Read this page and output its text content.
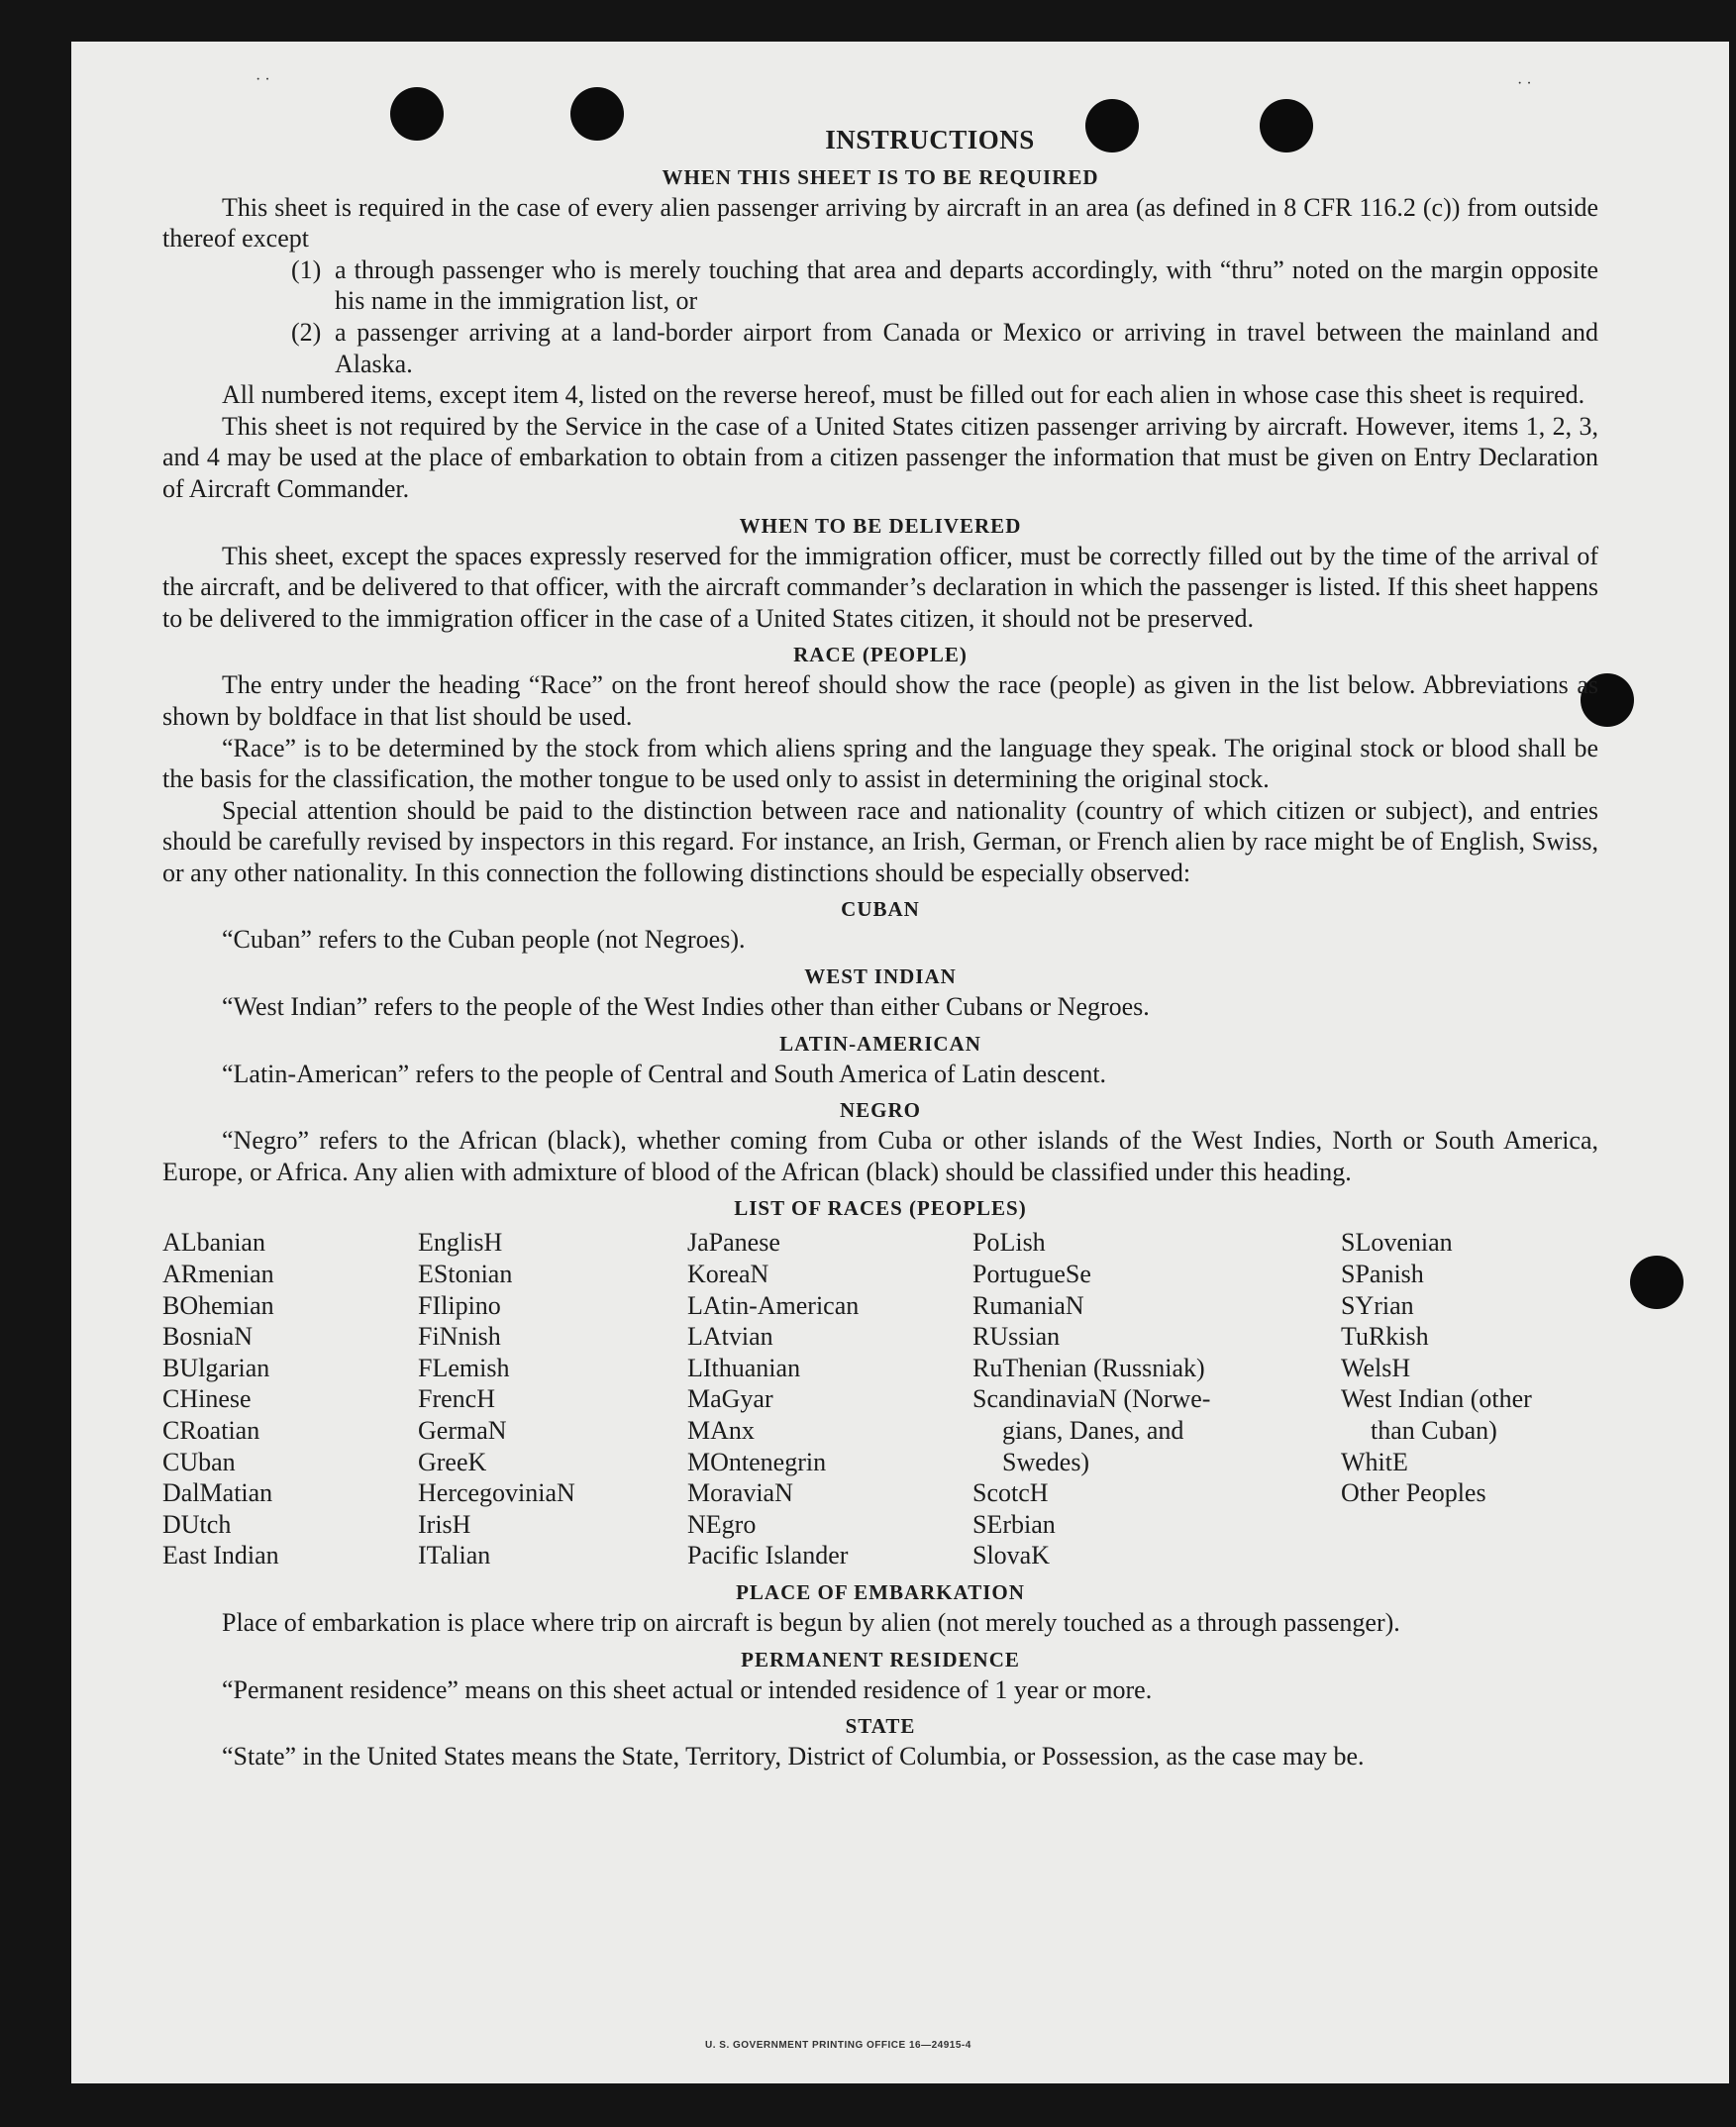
· ·	· ·
INSTRUCTIONS
WHEN THIS SHEET IS TO BE REQUIRED

This sheet is required in the case of every alien passenger arriving by aircraft in an area (as defined in 8 CFR 116.2 (c)) from outside thereof except

(1) a through passenger who is merely touching that area and departs accordingly, with “thru” noted on the margin opposite his name in the immigration list, or

(2) a passenger arriving at a land-border airport from Canada or Mexico or arriving in travel between the mainland and Alaska.

All numbered items, except item 4, listed on the reverse hereof, must be filled out for each alien in whose case this sheet is required.

This sheet is not required by the Service in the case of a United States citizen passenger arriving by aircraft. However, items 1, 2, 3, and 4 may be used at the place of embarkation to obtain from a citizen passenger the information that must be given on Entry Declaration of Aircraft Commander.

WHEN TO BE DELIVERED

This sheet, except the spaces expressly reserved for the immigration officer, must be correctly filled out by the time of the arrival of the aircraft, and be delivered to that officer, with the aircraft commander’s declaration in which the passenger is listed. If this sheet happens to be delivered to the immigration officer in the case of a United States citizen, it should not be preserved.

RACE (PEOPLE)

The entry under the heading “Race” on the front hereof should show the race (people) as given in the list below. Abbreviations as shown by boldface in that list should be used.

“Race” is to be determined by the stock from which aliens spring and the language they speak. The original stock or blood shall be the basis for the classification, the mother tongue to be used only to assist in determining the original stock.

Special attention should be paid to the distinction between race and nationality (country of which citizen or subject), and entries should be carefully revised by inspectors in this regard. For instance, an Irish, German, or French alien by race might be of English, Swiss, or any other nationality. In this connection the following distinctions should be especially observed:

CUBAN

“Cuban” refers to the Cuban people (not Negroes).

WEST INDIAN

“West Indian” refers to the people of the West Indies other than either Cubans or Negroes.

LATIN-AMERICAN

“Latin-American” refers to the people of Central and South America of Latin descent.

NEGRO

“Negro” refers to the African (black), whether coming from Cuba or other islands of the West Indies, North or South America, Europe, or Africa. Any alien with admixture of blood of the African (black) should be classified under this heading.

LIST OF RACES (PEOPLES)
ALbanian
ARmenian
BOhemian
BosniaN
BUlgarian
CHinese
CRoatian
CUban
DalMatian
DUtch
East Indian
EnglisH
EStonian
FIlipino
FiNnish
FLemish
FrencH
GermaN
GreeK
HercegoviniaN
IrisH
ITalian
JaPanese
KoreaN
LAtin-American
LAtvian
LIthuanian
MaGyar
MAnx
MOntenegrin
MoraviaN
NEgro
Pacific Islander
PoLish
PortugueSe
RumaniaN
RUssian
RuThenian (Russniak)
ScandinaviaN (Norwe-
gians, Danes, and
Swedes)
ScotcH
SErbian
SlovaK
SLovenian
SPanish
SYrian
TuRkish
WelsH
West Indian (other
than Cuban)
WhitE
Other Peoples
PLACE OF EMBARKATION

Place of embarkation is place where trip on aircraft is begun by alien (not merely touched as a through passenger).

PERMANENT RESIDENCE

“Permanent residence” means on this sheet actual or intended residence of 1 year or more.

STATE

“State” in the United States means the State, Territory, District of Columbia, or Possession, as the case may be.

U. S. GOVERNMENT PRINTING OFFICE 16—24915-4
